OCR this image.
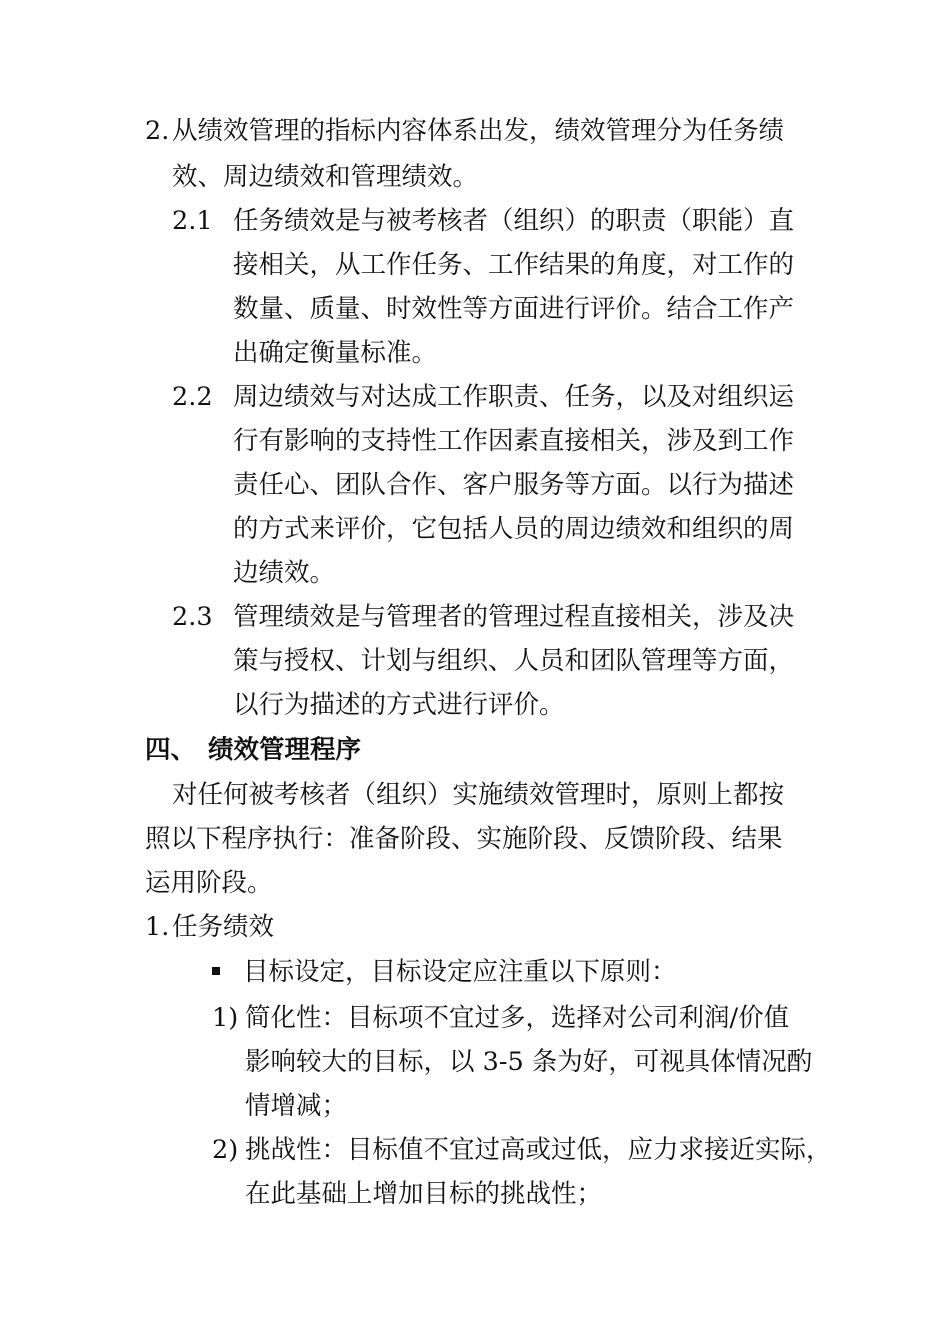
2. 从绩效管理的指标内容体系出发，绩效管理分为任务绩
效、周边绩效和管理绩效。
2.1 任务绩效是与被考核者（组织）的职责（职能）直
接相关，从工作任务、工作结果的角度，对工作的
数量、质量、时效性等方面进行评价。结合工作产
出确定衡量标准。
2.2 周边绩效与对达成工作职责、任务，以及对组织运
行有影响的支持性工作因素直接相关，涉及到工作
责任心、团队合作、客户服务等方面。以行为描述
的方式来评价，它包括人员的周边绩效和组织的周
边绩效。
2.3 管理绩效是与管理者的管理过程直接相关，涉及决
策与授权、计划与组织、人员和团队管理等方面，
以行为描述的方式进行评价。
四、 绩效管理程序
对任何被考核者（组织）实施绩效管理时，原则上都按
照以下程序执行：准备阶段、实施阶段、反馈阶段、结果
运用阶段。
1. 任务绩效
目标设定，目标设定应注重以下原则：
1) 简化性：目标项不宜过多，选择对公司利润/价值
影响较大的目标，以 3-5 条为好，可视具体情况酌
情增减；
2) 挑战性：目标值不宜过高或过低，应力求接近实际，
在此基础上增加目标的挑战性；
